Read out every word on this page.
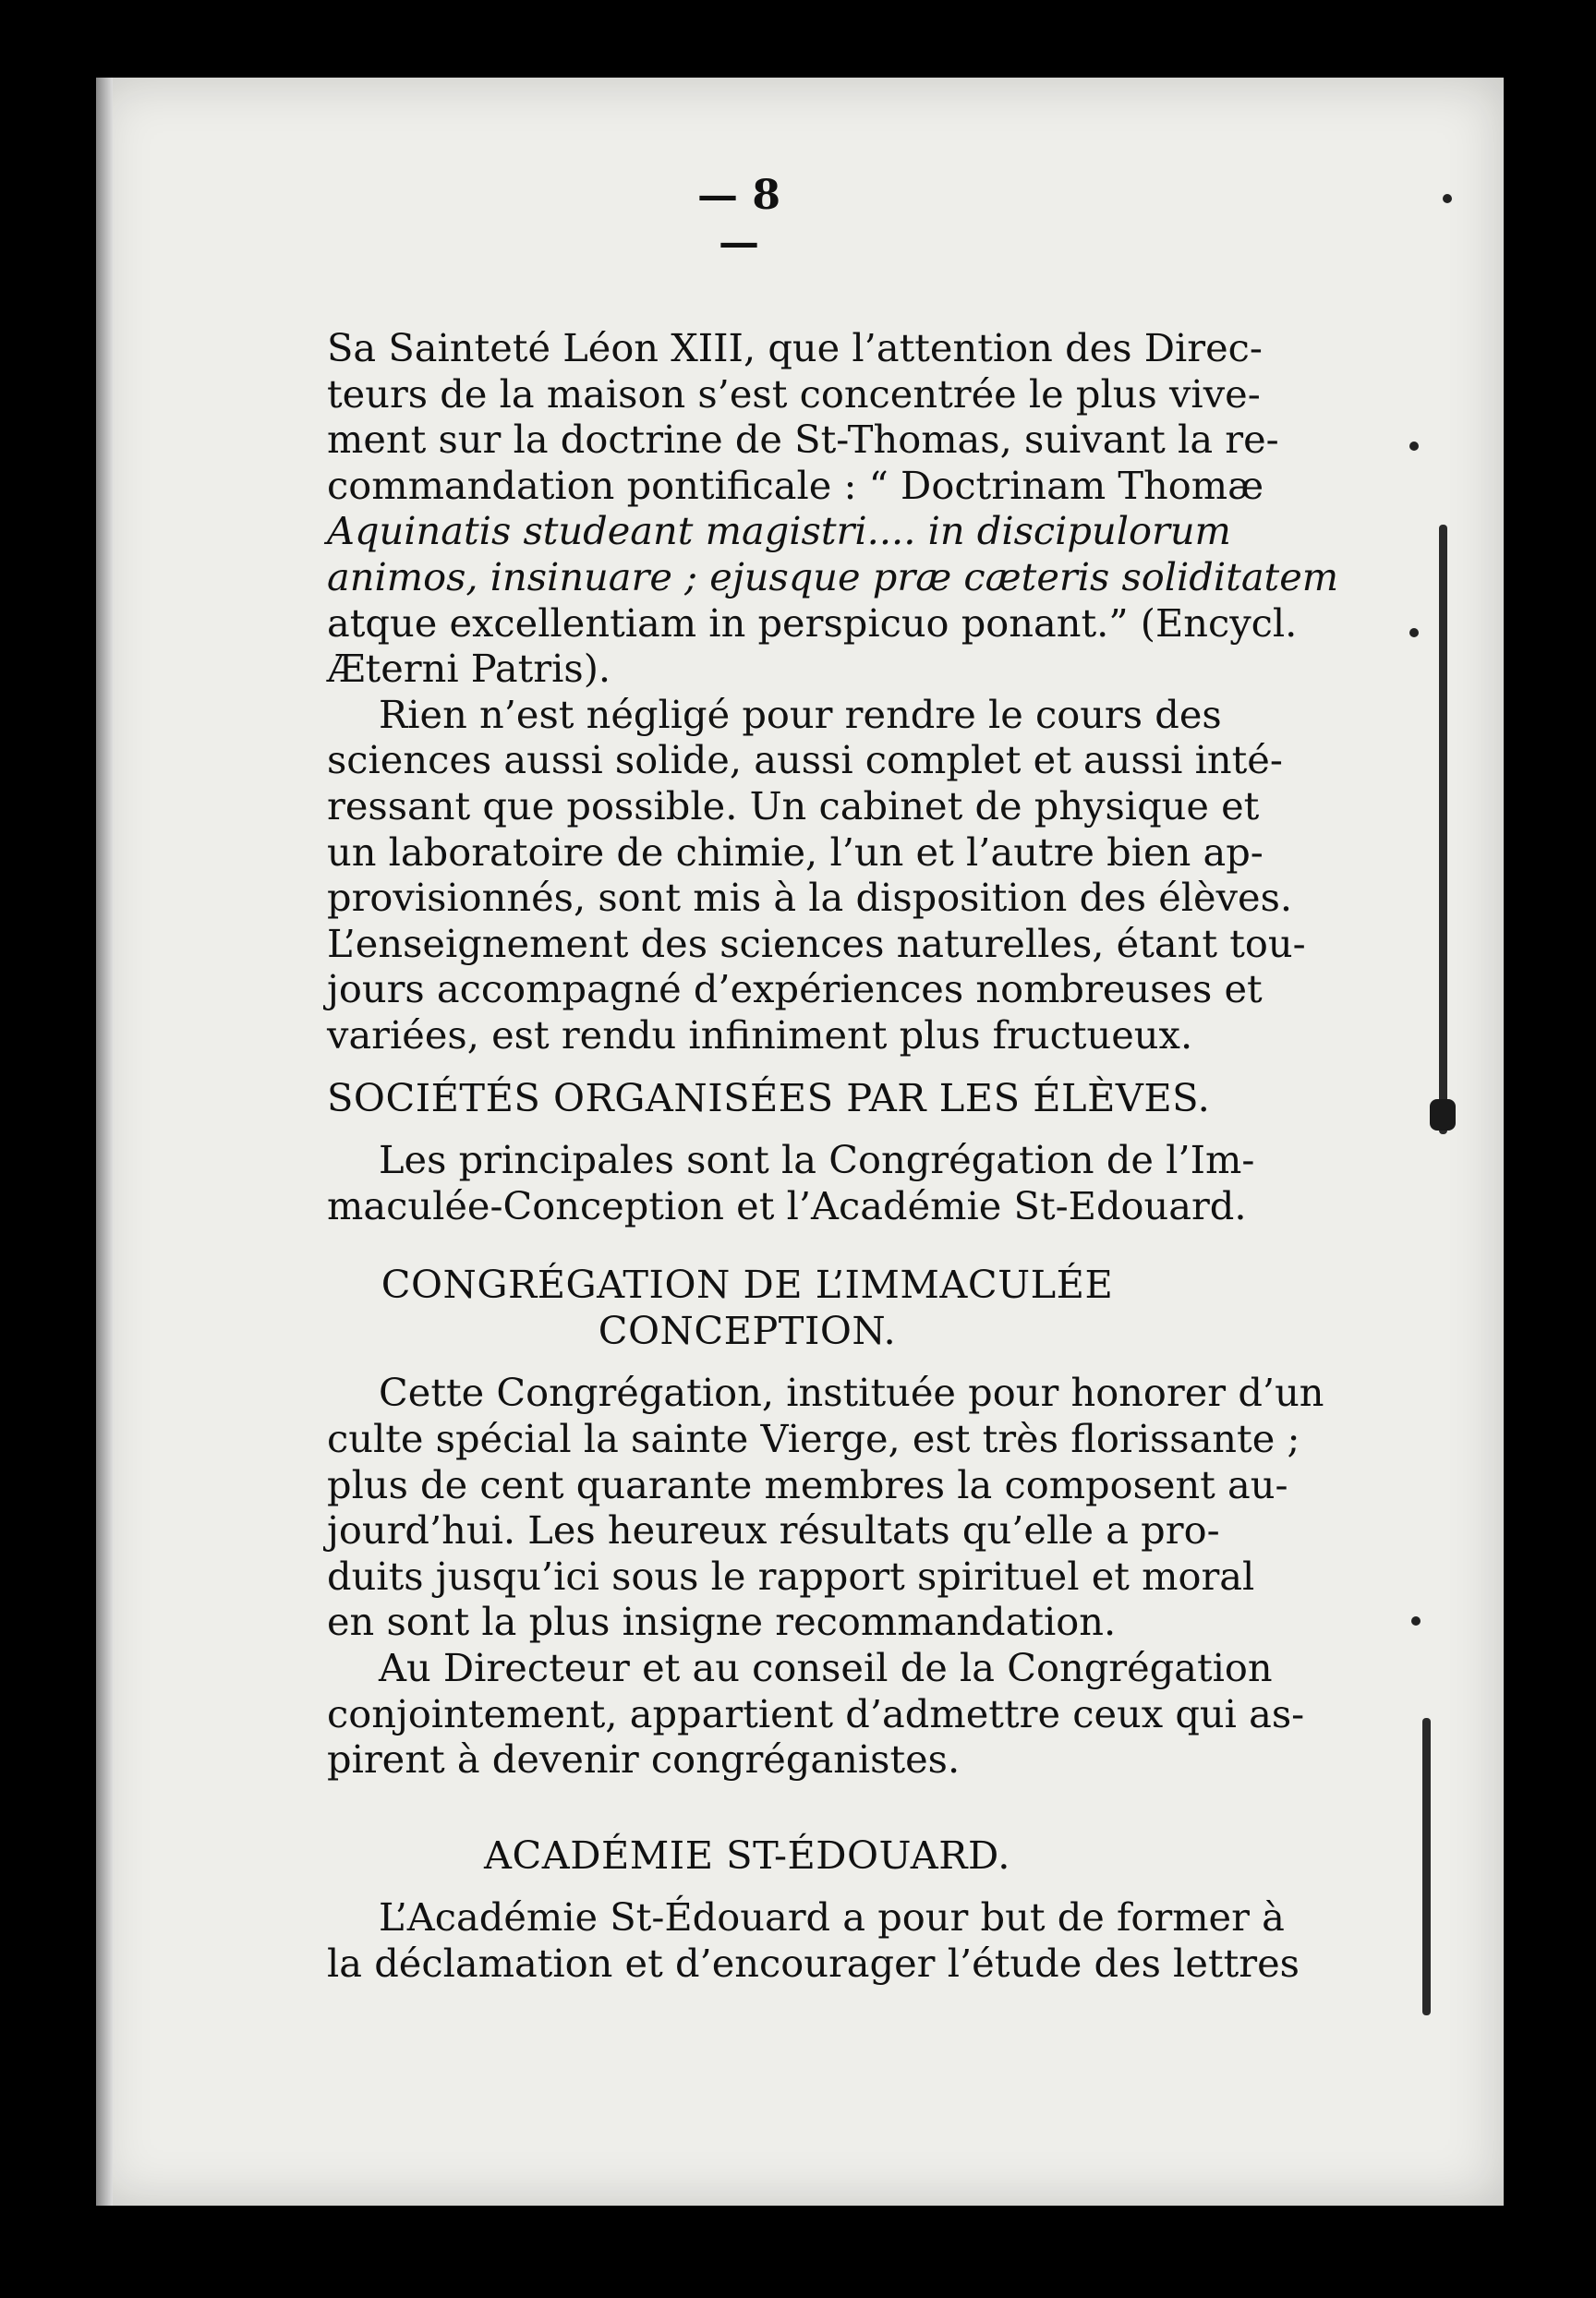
— 8 —
Sa Sainteté Léon XIII, que l’attention des Direc-
teurs de la maison s’est concentrée le plus vive-
ment sur la doctrine de St-Thomas, suivant la re-
commandation pontificale : “ Doctrinam Thomæ
Aquinatis studeant magistri.... in discipulorum
animos, insinuare ; ejusque præ cæteris soliditatem
atque excellentiam in perspicuo ponant.” (Encycl.
Æterni Patris).
Rien n’est négligé pour rendre le cours des
sciences aussi solide, aussi complet et aussi inté-
ressant que possible. Un cabinet de physique et
un laboratoire de chimie, l’un et l’autre bien ap-
provisionnés, sont mis à la disposition des élèves.
L’enseignement des sciences naturelles, étant tou-
jours accompagné d’expériences nombreuses et
variées, est rendu infiniment plus fructueux.
SOCIÉTÉS ORGANISÉES PAR LES ÉLÈVES.
Les principales sont la Congrégation de l’Im-
maculée-Conception et l’Académie St-Edouard.
CONGRÉGATION DE L’IMMACULÉE
CONCEPTION.
Cette Congrégation, instituée pour honorer d’un
culte spécial la sainte Vierge, est très florissante ;
plus de cent quarante membres la composent au-
jourd’hui. Les heureux résultats qu’elle a pro-
duits jusqu’ici sous le rapport spirituel et moral
en sont la plus insigne recommandation.
Au Directeur et au conseil de la Congrégation
conjointement, appartient d’admettre ceux qui as-
pirent à devenir congréganistes.
ACADÉMIE ST-ÉDOUARD.
L’Académie St-Édouard a pour but de former à
la déclamation et d’encourager l’étude des lettres
